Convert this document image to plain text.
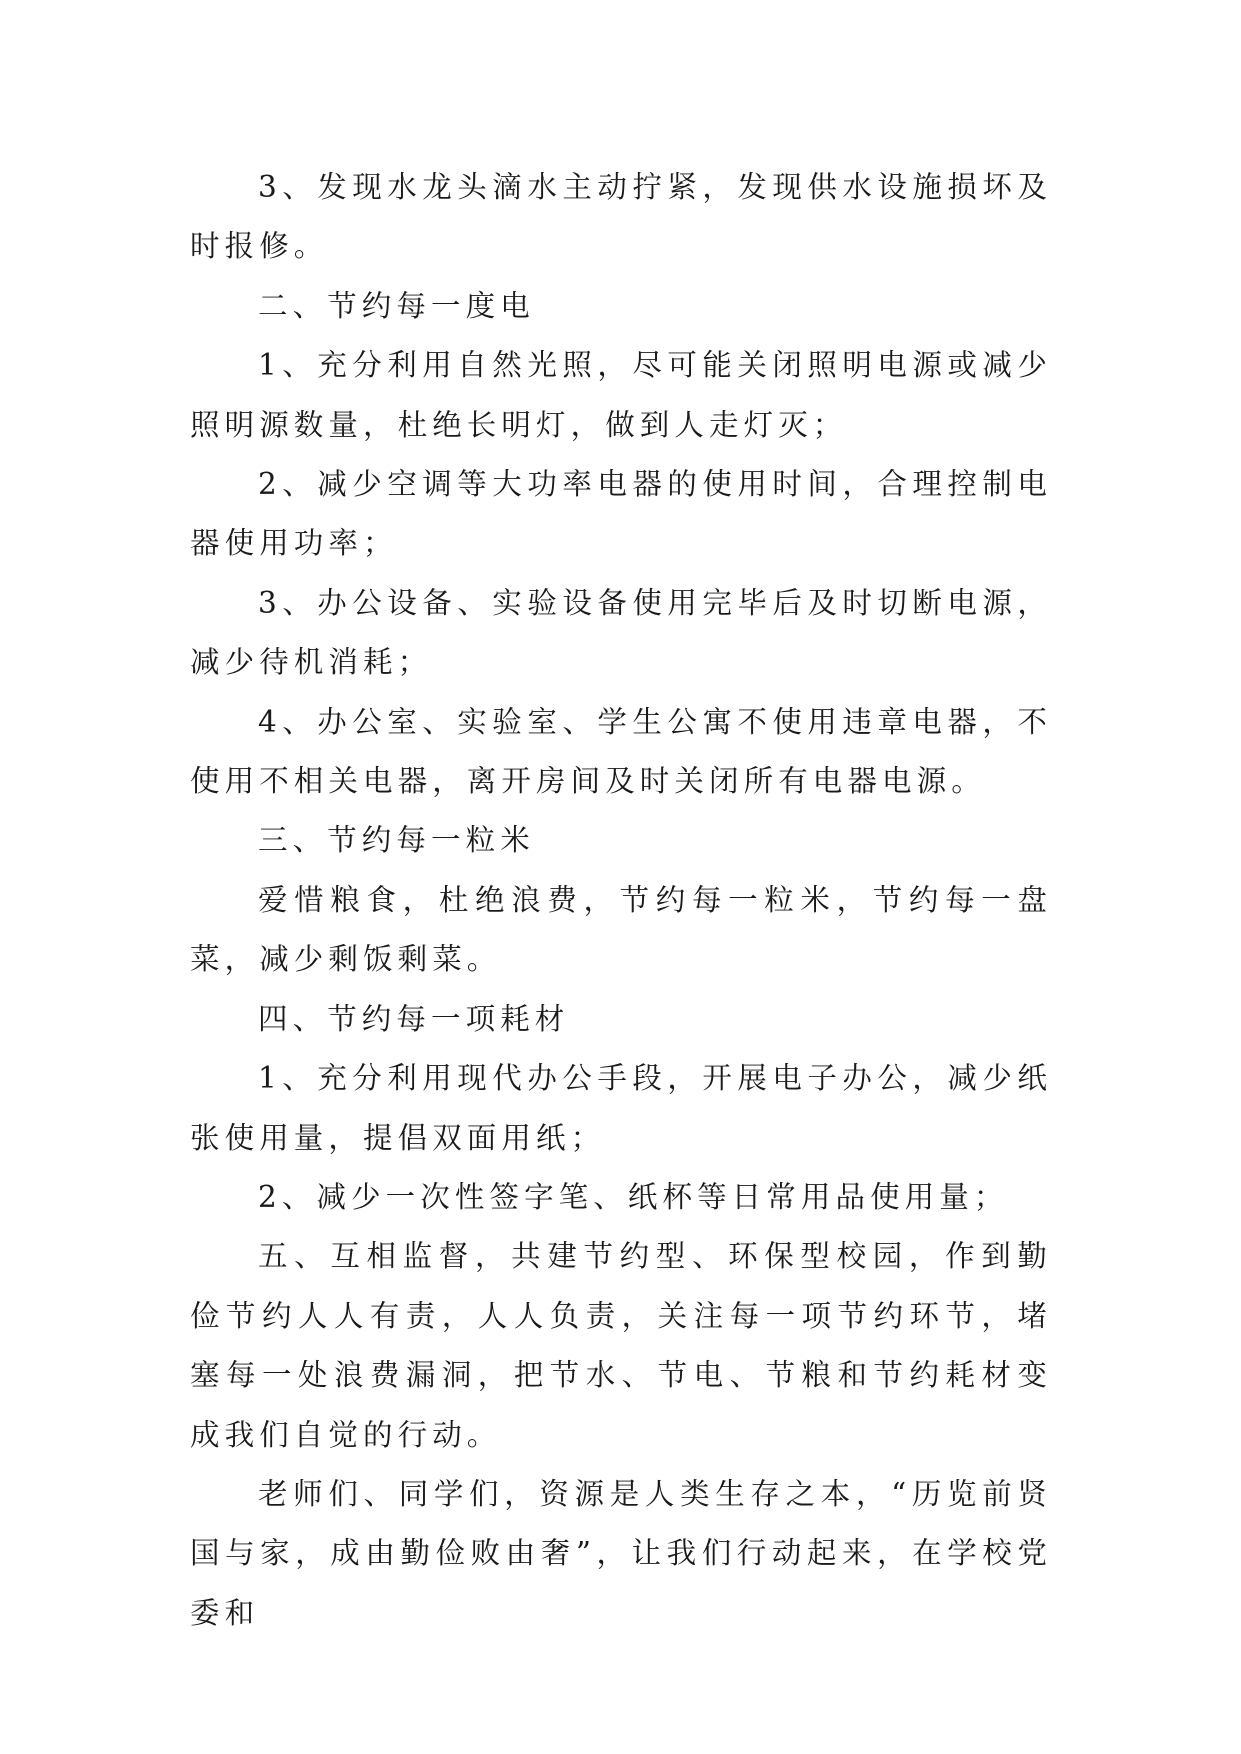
3、发现水龙头滴水主动拧紧，发现供水设施损坏及时报修。

二、节约每一度电

1、充分利用自然光照，尽可能关闭照明电源或减少照明源数量，杜绝长明灯，做到人走灯灭；

2、减少空调等大功率电器的使用时间，合理控制电器使用功率；

3、办公设备、实验设备使用完毕后及时切断电源，减少待机消耗；

4、办公室、实验室、学生公寓不使用违章电器，不使用不相关电器，离开房间及时关闭所有电器电源。

三、节约每一粒米

爱惜粮食，杜绝浪费，节约每一粒米，节约每一盘菜，减少剩饭剩菜。

四、节约每一项耗材

1、充分利用现代办公手段，开展电子办公，减少纸张使用量，提倡双面用纸；

2、减少一次性签字笔、纸杯等日常用品使用量；

五、互相监督，共建节约型、环保型校园，作到勤俭节约人人有责，人人负责，关注每一项节约环节，堵塞每一处浪费漏洞，把节水、节电、节粮和节约耗材变成我们自觉的行动。

老师们、同学们，资源是人类生存之本，“历览前贤国与家，成由勤俭败由奢”，让我们行动起来，在学校党委和
